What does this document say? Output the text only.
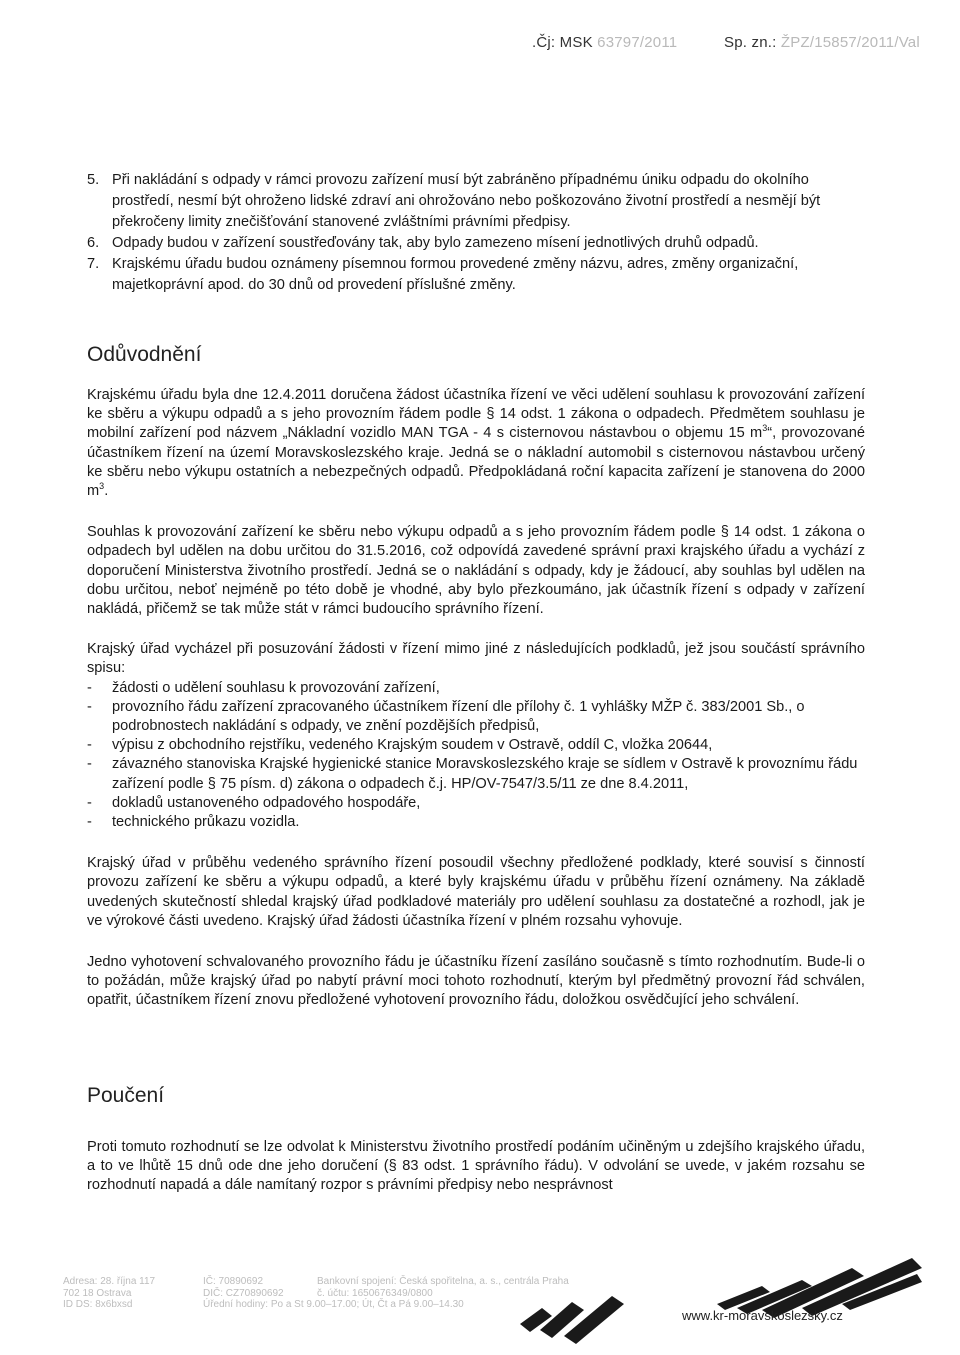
.Čj: MSK 63797/2011	Sp. zn.: ŽPZ/15857/2011/Val
5. Při nakládání s odpady v rámci provozu zařízení musí být zabráněno případnému úniku odpadu do okolního prostředí, nesmí být ohroženo lidské zdraví ani ohrožováno nebo poškozováno životní prostředí a nesmějí být překročeny limity znečišťování stanovené zvláštními právními předpisy.
6. Odpady budou v zařízení soustřeďovány tak, aby bylo zamezeno mísení jednotlivých druhů odpadů.
7. Krajskému úřadu budou oznámeny písemnou formou provedené změny názvu, adres, změny organizační, majetkoprávní apod. do 30 dnů od provedení příslušné změny.
Odůvodnění

Krajskému úřadu byla dne 12.4.2011 doručena žádost účastníka řízení ve věci udělení souhlasu k provozování zařízení ke sběru a výkupu odpadů a s jeho provozním řádem podle § 14 odst. 1 zákona o odpadech. Předmětem souhlasu je mobilní zařízení pod názvem „Nákladní vozidlo MAN TGA - 4 s cisternovou nástavbou o objemu 15 $m^3“$, provozované účastníkem řízení na území Moravskoslezského kraje. Jedná se o nákladní automobil s cisternovou nástavbou určený ke sběru nebo výkupu ostatních a nebezpečných odpadů. Předpokládaná roční kapacita zařízení je stanovena do 2000 $m^3$.

Souhlas k provozování zařízení ke sběru nebo výkupu odpadů a s jeho provozním řádem podle § 14 odst. 1 zákona o odpadech byl udělen na dobu určitou do 31.5.2016, což odpovídá zavedené správní praxi krajského úřadu a vychází z doporučení Ministerstva životního prostředí. Jedná se o nakládání s odpady, kdy je žádoucí, aby souhlas byl udělen na dobu určitou, neboť nejméně po této době je vhodné, aby bylo přezkoumáno, jak účastník řízení s odpady v zařízení nakládá, přičemž se tak může stát v rámci budoucího správního řízení.

Krajský úřad vycházel při posuzování žádosti v řízení mimo jiné z následujících podkladů, jež jsou součástí správního spisu:

- žádosti o udělení souhlasu k provozování zařízení,
- provozního řádu zařízení zpracovaného účastníkem řízení dle přílohy č. 1 vyhlášky MŽP č. 383/2001 Sb., o podrobnostech nakládání s odpady, ve znění pozdějších předpisů,
- výpisu z obchodního rejstříku, vedeného Krajským soudem v Ostravě, oddíl C, vložka 20644,
- závazného stanoviska Krajské hygienické stanice Moravskoslezského kraje se sídlem v Ostravě k provoznímu řádu zařízení podle § 75 písm. d) zákona o odpadech č.j. HP/OV-7547/3.5/11 ze dne 8.4.2011,
- dokladů ustanoveného odpadového hospodáře,
- technického průkazu vozidla.

Krajský úřad v průběhu vedeného správního řízení posoudil všechny předložené podklady, které souvisí s činností provozu zařízení ke sběru a výkupu odpadů, a které byly krajskému úřadu v průběhu řízení oznámeny. Na základě uvedených skutečností shledal krajský úřad podkladové materiály pro udělení souhlasu za dostatečné a rozhodl, jak je ve výrokové části uvedeno. Krajský úřad žádosti účastníka řízení v plném rozsahu vyhovuje.

Jedno vyhotovení schvalovaného provozního řádu je účastníku řízení zasíláno současně s tímto rozhodnutím. Bude-li o to požádán, může krajský úřad po nabytí právní moci tohoto rozhodnutí, kterým byl předmětný provozní řád schválen, opatřit, účastníkem řízení znovu předložené vyhotovení provozního řádu, doložkou osvědčující jeho schválení.

Poučení

Proti tomuto rozhodnutí se lze odvolat k Ministerstvu životního prostředí podáním učiněným u zdejšího krajského úřadu, a to ve lhůtě 15 dnů ode dne jeho doručení (§ 83 odst. 1 správního řádu). V odvolání se uvede, v jakém rozsahu se rozhodnutí napadá a dále namítaný rozpor s právními předpisy nebo nesprávnost

Adresa: 28. října 117
702 18 Ostrava
ID DS: 8x6bxsd
IČ: 70890692
DIČ: CZ70890692
Úřední hodiny: Po a St 9.00–17.00; Út, Čt a Pá 9.00–14.30
Bankovní spojení: Česká spořitelna, a. s., centrála Praha
č. účtu: 1650676349/0800
www.kr-moravskoslezsky.cz
